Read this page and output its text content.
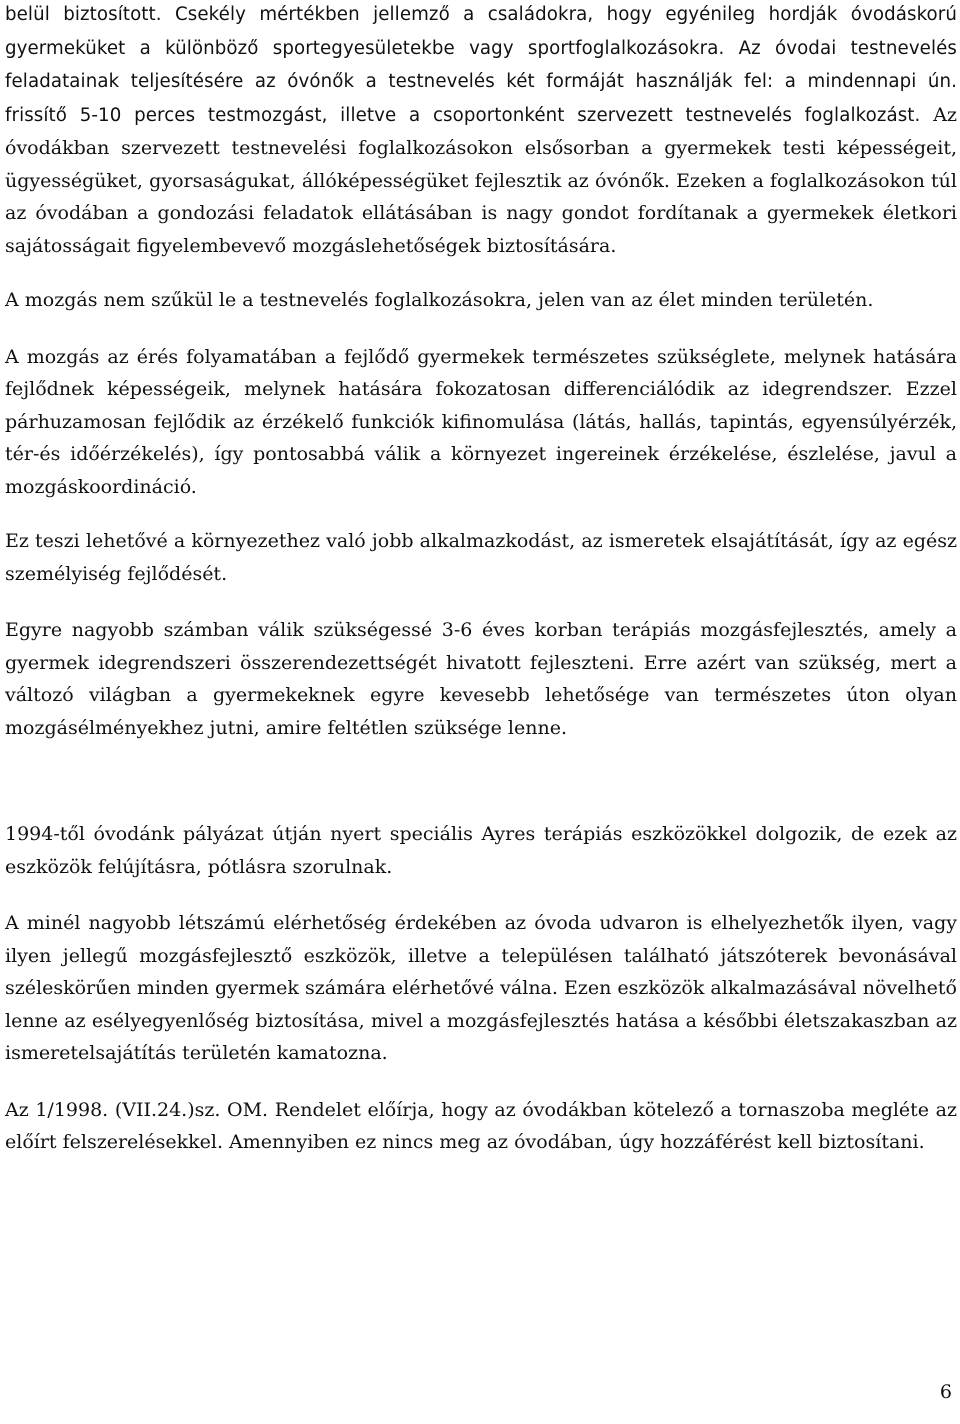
belül biztosított. Csekély mértékben jellemző a családokra, hogy egyénileg hordják óvodáskorú gyermeküket a különböző sportegyesületekbe vagy sportfoglalkozásokra. Az óvodai testnevelés feladatainak teljesítésére az óvónők a testnevelés két formáját használják fel: a mindennapi ún. frissítő 5-10 perces testmozgást, illetve a csoportonként szervezett testnevelés foglalkozást. Az óvodákban szervezett testnevelési foglalkozásokon elsősorban a gyermekek testi képességeit, ügyességüket, gyorsaságukat, állóképességüket fejlesztik az óvónők. Ezeken a foglalkozásokon túl az óvodában a gondozási feladatok ellátásában is nagy gondot fordítanak a gyermekek életkori sajátosságait figyelembevevő mozgáslehetőségek biztosítására.

A mozgás nem szűkül le a testnevelés foglalkozásokra, jelen van az élet minden területén.

A mozgás az érés folyamatában a fejlődő gyermekek természetes szükséglete, melynek hatására fejlődnek képességeik, melynek hatására fokozatosan differenciálódik az idegrendszer. Ezzel párhuzamosan fejlődik az érzékelő funkciók kifinomulása (látás, hallás, tapintás, egyensúlyérzék, tér-és időérzékelés), így pontosabbá válik a környezet ingereinek érzékelése, észlelése, javul a mozgáskoordináció.

Ez teszi lehetővé a környezethez való jobb alkalmazkodást, az ismeretek elsajátítását, így az egész személyiség fejlődését.

Egyre nagyobb számban válik szükségessé 3-6 éves korban terápiás mozgásfejlesztés, amely a gyermek idegrendszeri összerendezettségét hivatott fejleszteni. Erre azért van szükség, mert a változó világban a gyermekeknek egyre kevesebb lehetősége van természetes úton olyan mozgásélményekhez jutni, amire feltétlen szüksége lenne.

1994-től óvodánk pályázat útján nyert speciális Ayres terápiás eszközökkel dolgozik, de ezek az eszközök felújításra, pótlásra szorulnak.

A minél nagyobb létszámú elérhetőség érdekében az óvoda udvaron is elhelyezhetők ilyen, vagy ilyen jellegű mozgásfejlesztő eszközök, illetve a településen található játszóterek bevonásával széleskörűen minden gyermek számára elérhetővé válna. Ezen eszközök alkalmazásával növelhető lenne az esélyegyenlőség biztosítása, mivel a mozgásfejlesztés hatása a későbbi életszakaszban az ismeretelsajátítás területén kamatozna.

Az 1/1998. (VII.24.)sz. OM. Rendelet előírja, hogy az óvodákban kötelező a tornaszoba megléte az előírt felszerelésekkel. Amennyiben ez nincs meg az óvodában, úgy hozzáférést kell biztosítani.

6
